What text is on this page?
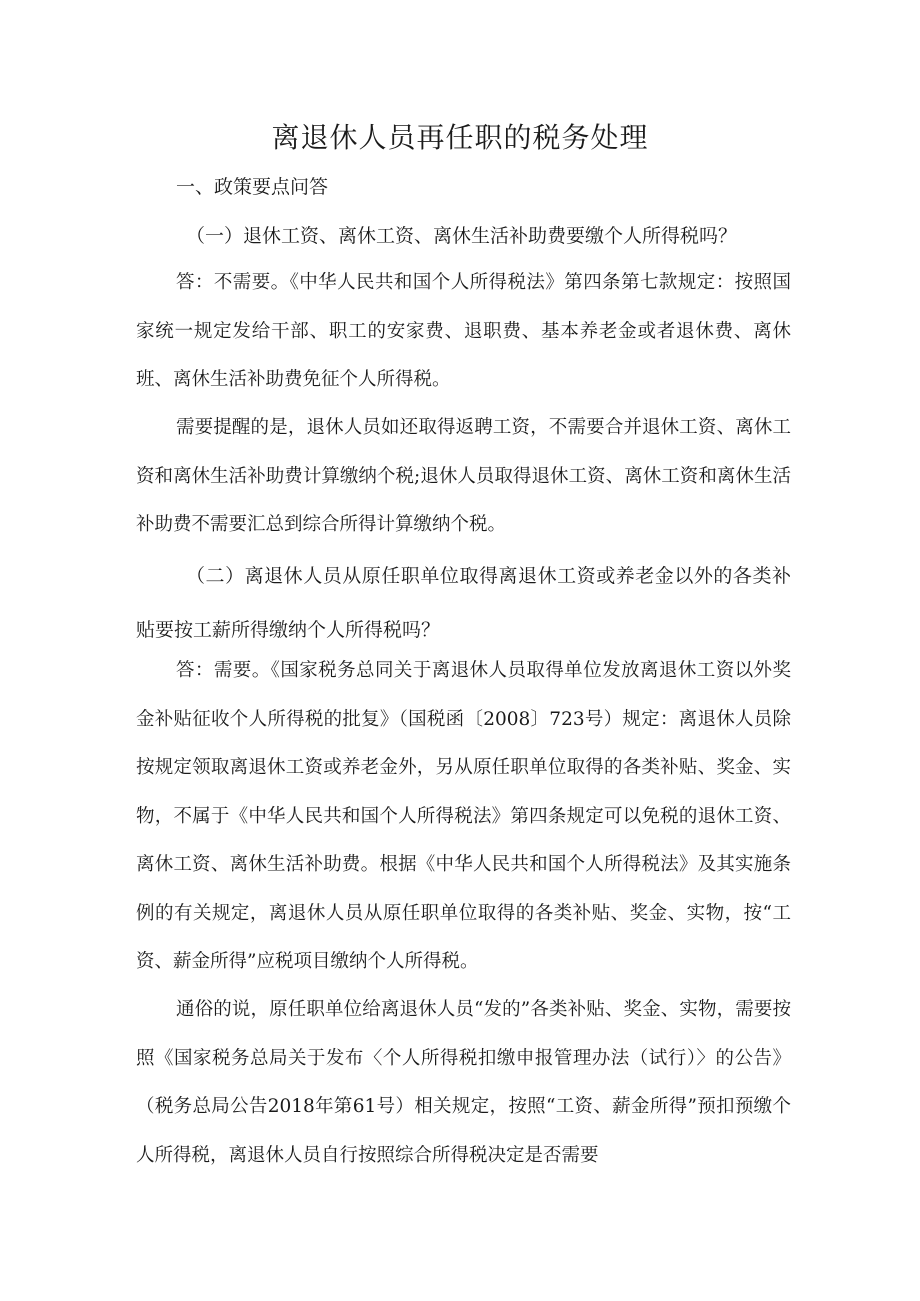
离退休人员再任职的税务处理
一、政策要点问答
（一）退休工资、离休工资、离休生活补助费要缴个人所得税吗？
答：不需要。《中华人民共和国个人所得税法》第四条第七款规定：按照国家统一规定发给干部、职工的安家费、退职费、基本养老金或者退休费、离休班、离休生活补助费免征个人所得税。
需要提醒的是，退休人员如还取得返聘工资，不需要合并退休工资、离休工资和离休生活补助费计算缴纳个税;退休人员取得退休工资、离休工资和离休生活补助费不需要汇总到综合所得计算缴纳个税。
（二）离退休人员从原任职单位取得离退休工资或养老金以外的各类补贴要按工薪所得缴纳个人所得税吗？
答：需要。《国家税务总同关于离退休人员取得单位发放离退休工资以外奖金补贴征收个人所得税的批复》（国税函〔2008〕723号）规定：离退休人员除按规定领取离退休工资或养老金外，另从原任职单位取得的各类补贴、奖金、实物，不属于《中华人民共和国个人所得税法》第四条规定可以免税的退休工资、离休工资、离休生活补助费。根据《中华人民共和国个人所得税法》及其实施条例的有关规定，离退休人员从原任职单位取得的各类补贴、奖金、实物，按“工资、薪金所得”应税项目缴纳个人所得税。
通俗的说，原任职单位给离退休人员“发的”各类补贴、奖金、实物，需要按照《国家税务总局关于发布〈个人所得税扣缴申报管理办法（试行）〉的公告》（税务总局公告2018年第61号）相关规定，按照“工资、薪金所得”预扣预缴个人所得税，离退休人员自行按照综合所得税决定是否需要
